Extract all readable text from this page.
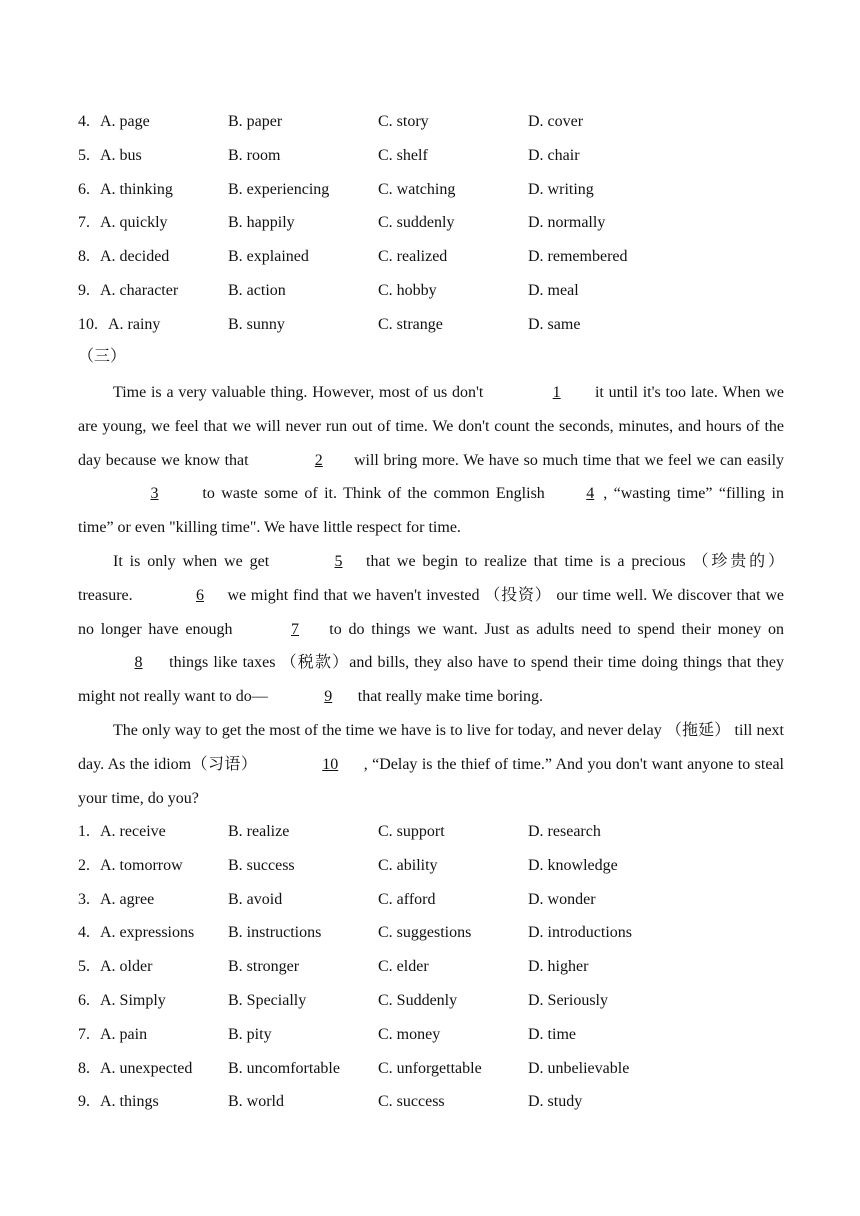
4. A. page	B. paper	C. story	D. cover
5. A. bus	B. room	C. shelf	D. chair
6. A. thinking	B. experiencing	C. watching	D. writing
7. A. quickly	B. happily	C. suddenly	D. normally
8. A. decided	B. explained	C. realized	D. remembered
9. A. character	B. action	C. hobby	D. meal
10. A. rainy	B. sunny	C. strange	D. same
（三）

Time is a very valuable thing. However, most of us don't	1 it until it's too late. When we are young, we feel that we will never run out of time. We don't count the seconds, minutes, and hours of the day because we know that	2 will bring more. We have so much time that we feel we can easily3 to waste some of it. Think of the common English 4 , “wasting time” “filling in time” or even "killing time". We have little respect for time.

It is only when we get	5 that we begin to realize that time is a precious （珍贵的） treasure.	6 we might find that we haven't invested （投资） our time well. We discover that we no longer have enough	7 to do things we want. Just as adults need to spend their money on 8 things like taxes （税款）and bills, they also have to spend their time doing things that they might not really want to do—	9 that really make time boring.

The only way to get the most of the time we have is to live for today, and never delay （拖延） till next day. As the idiom（习语）	10 , “Delay is the thief of time.” And you don't want anyone to steal your time, do you?

1. A. receive	B. realize	C. support	D. research
2. A. tomorrow	B. success	C. ability	D. knowledge
3. A. agree	B. avoid	C. afford	D. wonder
4. A. expressions B. instructions	C. suggestions	D. introductions
5. A. older	B. stronger	C. elder	D. higher
6. A. Simply	B. Specially	C. Suddenly	D. Seriously
7. A. pain	B. pity	C. money	D. time
8. A. unexpected B. uncomfortable C. unforgettable	D. unbelievable
9. A. things	B. world	C. success	D. study
